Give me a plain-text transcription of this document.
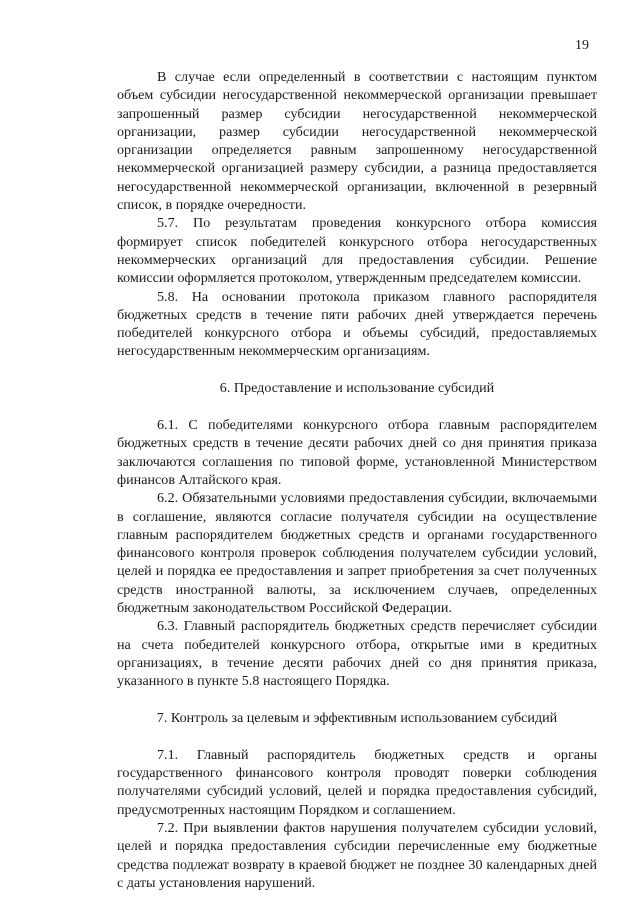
19

В случае если определенный в соответствии с настоящим пунктом объем субсидии негосударственной некоммерческой организации превышает запрошенный размер субсидии негосударственной некоммерческой организации, размер субсидии негосударственной некоммерческой организации определяется равным запрошенному негосударственной некоммерческой организацией размеру субсидии, а разница предоставляется негосударственной некоммерческой организации, включенной в резервный список, в порядке очередности.

5.7. По результатам проведения конкурсного отбора комиссия формирует список победителей конкурсного отбора негосударственных некоммерческих организаций для предоставления субсидии. Решение комиссии оформляется протоколом, утвержденным председателем комиссии.

5.8. На основании протокола приказом главного распорядителя бюджетных средств в течение пяти рабочих дней утверждается перечень победителей конкурсного отбора и объемы субсидий, предоставляемых негосударственным некоммерческим организациям.

6. Предоставление и использование субсидий

6.1. С победителями конкурсного отбора главным распорядителем бюджетных средств в течение десяти рабочих дней со дня принятия приказа заключаются соглашения по типовой форме, установленной Министерством финансов Алтайского края.

6.2. Обязательными условиями предоставления субсидии, включаемыми в соглашение, являются согласие получателя субсидии на осуществление главным распорядителем бюджетных средств и органами государственного финансового контроля проверок соблюдения получателем субсидии условий, целей и порядка ее предоставления и запрет приобретения за счет полученных средств иностранной валюты, за исключением случаев, определенных бюджетным законодательством Российской Федерации.

6.3. Главный распорядитель бюджетных средств перечисляет субсидии на счета победителей конкурсного отбора, открытые ими в кредитных организациях, в течение десяти рабочих дней со дня принятия приказа, указанного в пункте 5.8 настоящего Порядка.

7. Контроль за целевым и эффективным использованием субсидий

7.1. Главный распорядитель бюджетных средств и органы государственного финансового контроля проводят поверки соблюдения получателями субсидий условий, целей и порядка предоставления субсидий, предусмотренных настоящим Порядком и соглашением.

7.2. При выявлении фактов нарушения получателем субсидии условий, целей и порядка предоставления субсидии перечисленные ему бюджетные средства подлежат возврату в краевой бюджет не позднее 30 календарных дней с даты установления нарушений.
